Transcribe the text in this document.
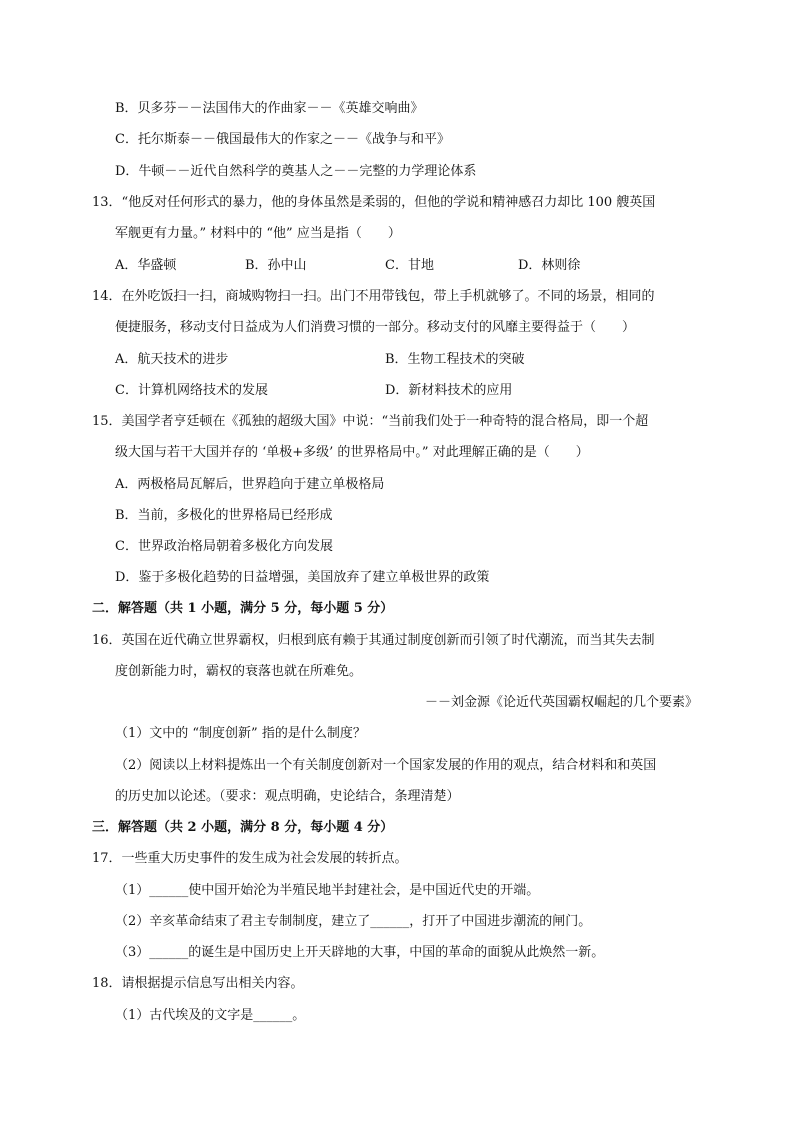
B．贝多芬－－法国伟大的作曲家－－《英雄交响曲》
C．托尔斯泰－－俄国最伟大的作家之－－《战争与和平》
D．牛顿－－近代自然科学的奠基人之－－完整的力学理论体系
13．“他反对任何形式的暴力，他的身体虽然是柔弱的，但他的学说和精神感召力却比 100 艘英国
军舰更有力量。” 材料中的 “他” 应当是指（　　）
A．华盛顿	B．孙中山	C．甘地	D．林则徐
14．在外吃饭扫一扫，商城购物扫一扫。出门不用带钱包，带上手机就够了。不同的场景，相同的
便捷服务，移动支付日益成为人们消费习惯的一部分。移动支付的风靡主要得益于（　　）
A．航天技术的进步	B．生物工程技术的突破
C．计算机网络技术的发展	D．新材料技术的应用
15．美国学者亨廷顿在《孤独的超级大国》中说：“当前我们处于一种奇特的混合格局，即一个超
级大国与若干大国并存的 ‘单极+多级’ 的世界格局中。” 对此理解正确的是（　　）
A．两极格局瓦解后，世界趋向于建立单极格局
B．当前，多极化的世界格局已经形成
C．世界政治格局朝着多极化方向发展
D．鉴于多极化趋势的日益增强，美国放弃了建立单极世界的政策
二．解答题（共 1 小题，满分 5 分，每小题 5 分）
16．英国在近代确立世界霸权，归根到底有赖于其通过制度创新而引领了时代潮流，而当其失去制
度创新能力时，霸权的衰落也就在所难免。
－－刘金源《论近代英国霸权崛起的几个要素》
（1）文中的 “制度创新” 指的是什么制度？
（2）阅读以上材料提炼出一个有关制度创新对一个国家发展的作用的观点，结合材料和和英国
的历史加以论述。（要求：观点明确，史论结合，条理清楚）
三．解答题（共 2 小题，满分 8 分，每小题 4 分）
17．一些重大历史事件的发生成为社会发展的转折点。
（1）______使中国开始沦为半殖民地半封建社会，是中国近代史的开端。
（2）辛亥革命结束了君主专制制度，建立了______，打开了中国进步潮流的闸门。
（3）______的诞生是中国历史上开天辟地的大事，中国的革命的面貌从此焕然一新。
18．请根据提示信息写出相关内容。
（1）古代埃及的文字是______。
